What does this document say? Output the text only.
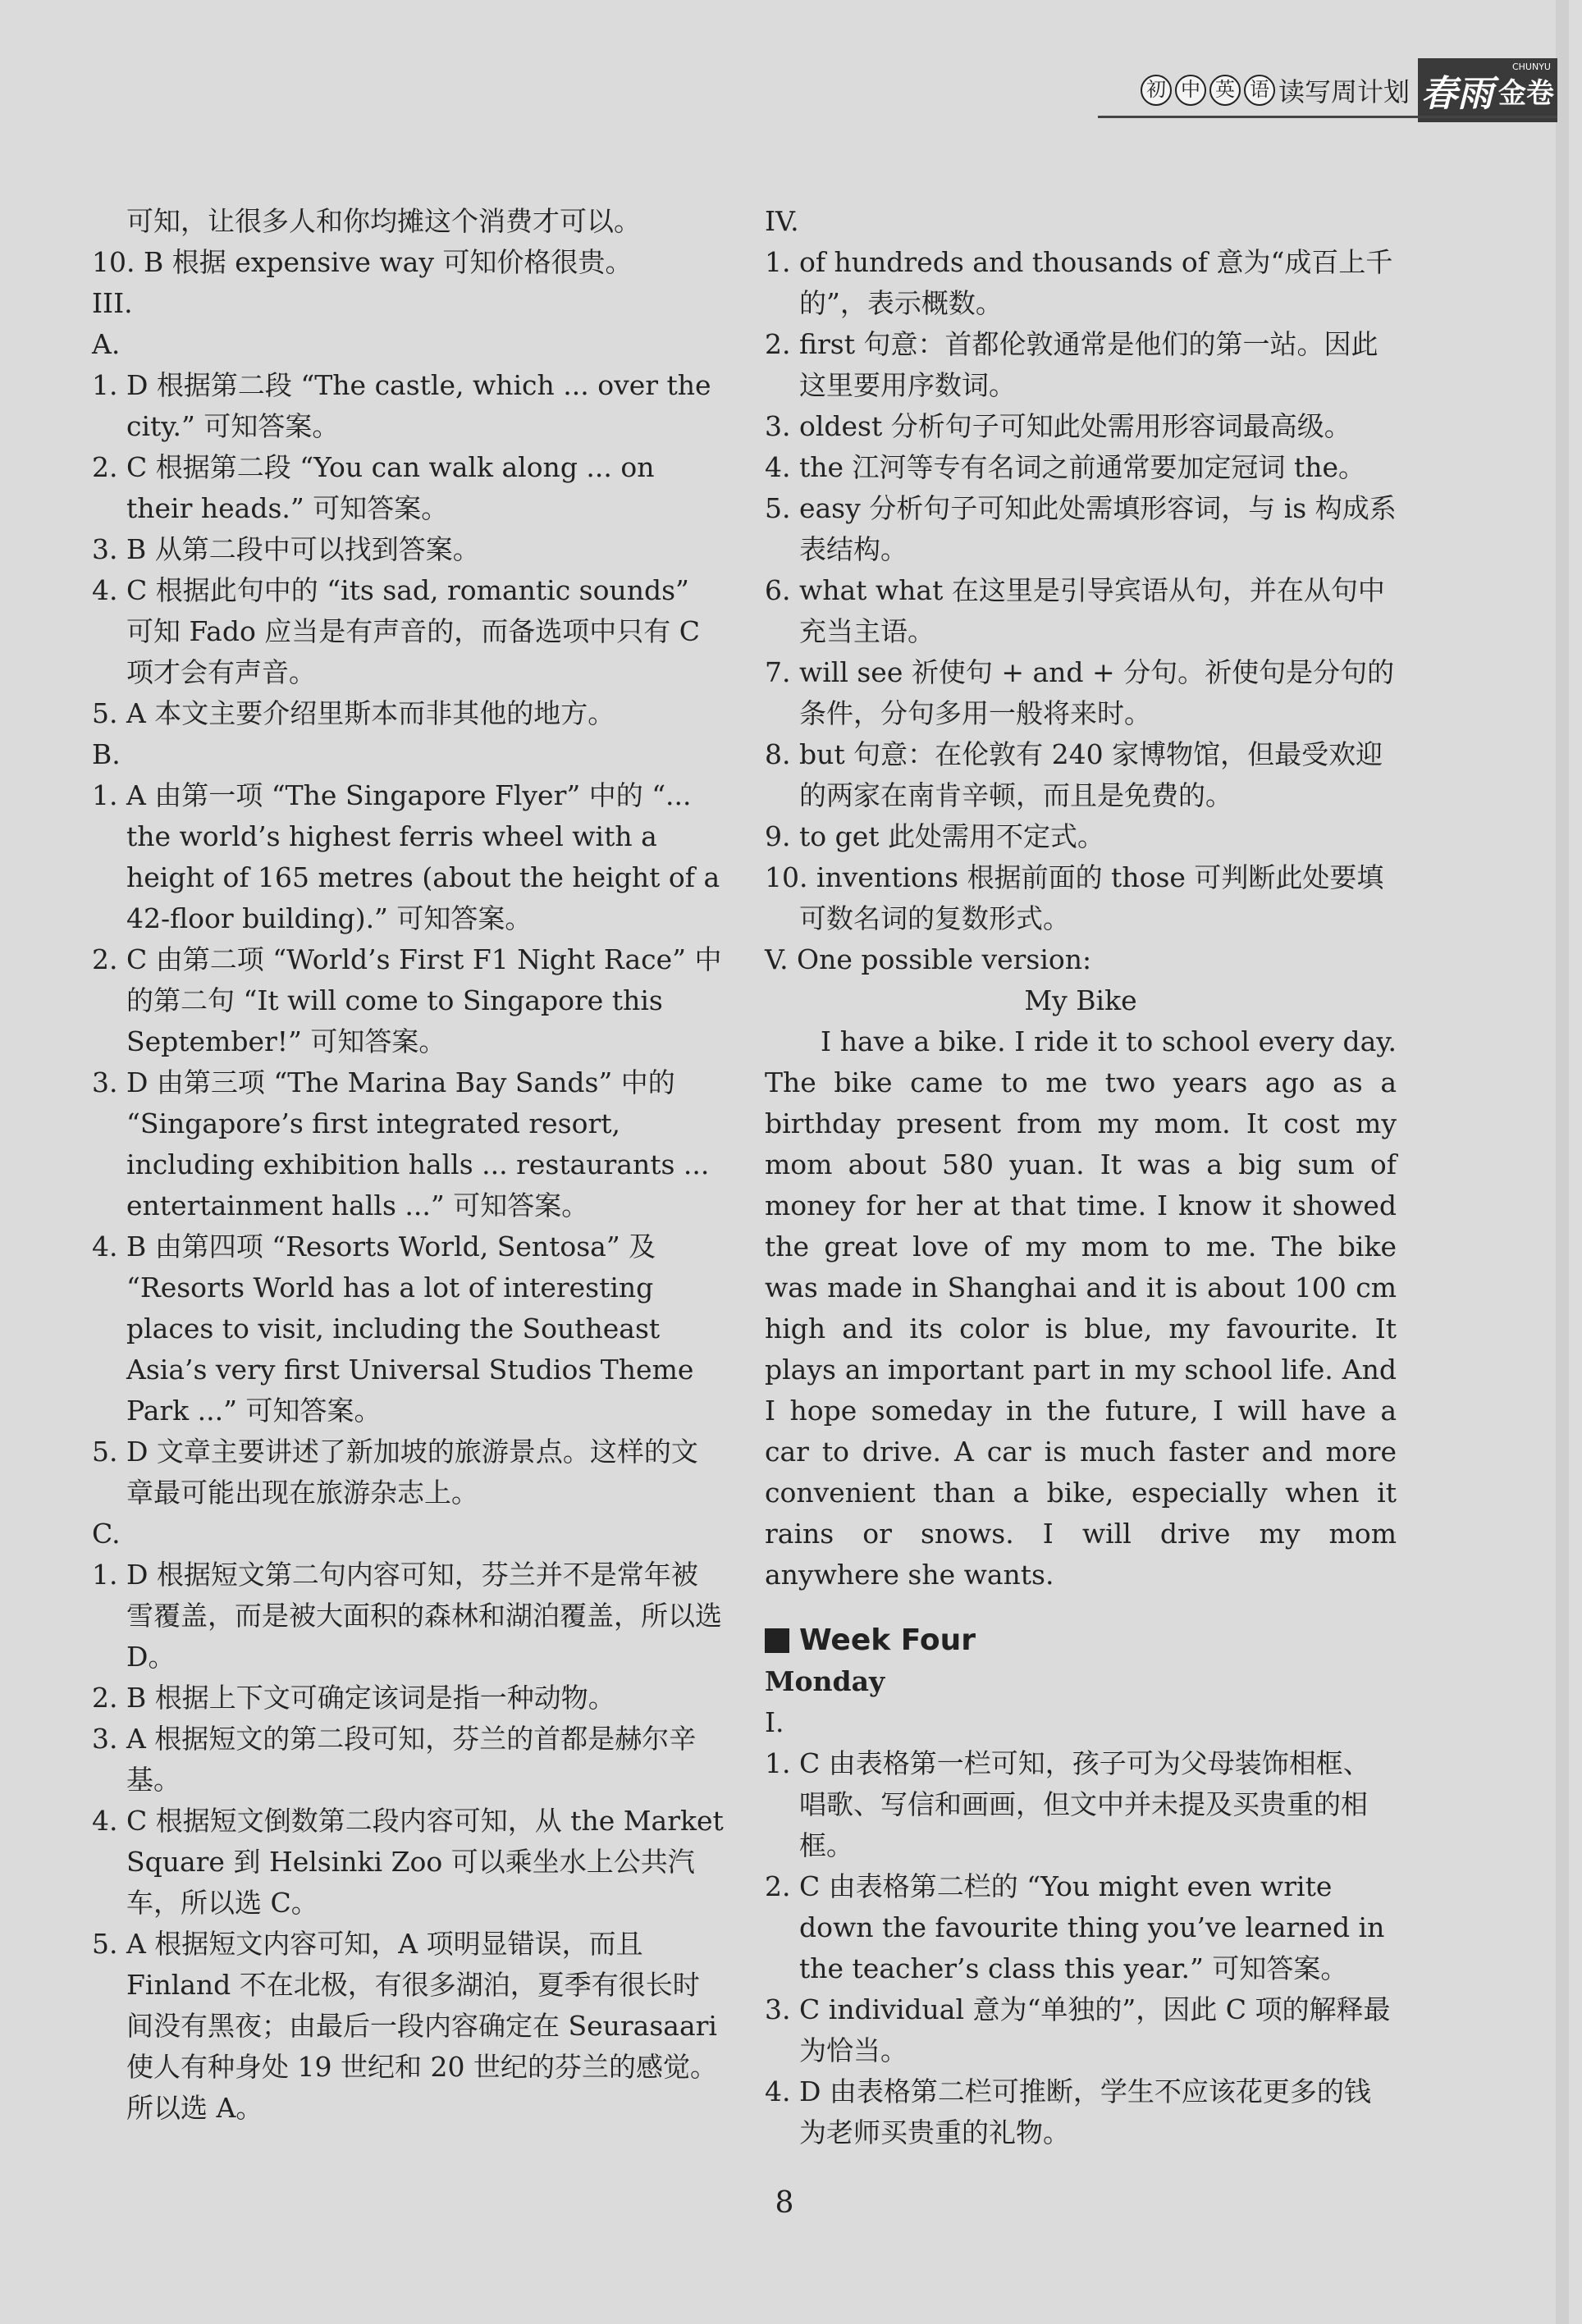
初 中 英 语 读写周计划
CHUNYU
春雨 金卷
可知，让很多人和你均摊这个消费才可以。
10. B 根据 expensive way 可知价格很贵。
III.
A.
1. D 根据第二段 “The castle, which ... over the city.” 可知答案。
2. C 根据第二段 “You can walk along ... on their heads.” 可知答案。
3. B 从第二段中可以找到答案。
4. C 根据此句中的 “its sad, romantic sounds” 可知 Fado 应当是有声音的，而备选项中只有 C 项才会有声音。
5. A 本文主要介绍里斯本而非其他的地方。
B.
1. A 由第一项 “The Singapore Flyer” 中的 “... the world’s highest ferris wheel with a height of 165 metres (about the height of a 42-floor building).” 可知答案。
2. C 由第二项 “World’s First F1 Night Race” 中的第二句 “It will come to Singapore this September!” 可知答案。
3. D 由第三项 “The Marina Bay Sands” 中的 “Singapore’s first integrated resort, including exhibition halls ... restaurants ... entertainment halls ...” 可知答案。
4. B 由第四项 “Resorts World, Sentosa” 及 “Resorts World has a lot of interesting places to visit, including the Southeast Asia’s very first Universal Studios Theme Park ...” 可知答案。
5. D 文章主要讲述了新加坡的旅游景点。这样的文章最可能出现在旅游杂志上。
C.
1. D 根据短文第二句内容可知，芬兰并不是常年被雪覆盖，而是被大面积的森林和湖泊覆盖，所以选 D。
2. B 根据上下文可确定该词是指一种动物。
3. A 根据短文的第二段可知，芬兰的首都是赫尔辛基。
4. C 根据短文倒数第二段内容可知，从 the Market Square 到 Helsinki Zoo 可以乘坐水上公共汽车，所以选 C。
5. A 根据短文内容可知，A 项明显错误，而且 Finland 不在北极，有很多湖泊，夏季有很长时间没有黑夜；由最后一段内容确定在 Seurasaari 使人有种身处 19 世纪和 20 世纪的芬兰的感觉。所以选 A。
IV.
1. of hundreds and thousands of 意为“成百上千的”，表示概数。
2. first 句意：首都伦敦通常是他们的第一站。因此这里要用序数词。
3. oldest 分析句子可知此处需用形容词最高级。
4. the 江河等专有名词之前通常要加定冠词 the。
5. easy 分析句子可知此处需填形容词，与 is 构成系表结构。
6. what what 在这里是引导宾语从句，并在从句中充当主语。
7. will see 祈使句 + and + 分句。祈使句是分句的条件，分句多用一般将来时。
8. but 句意：在伦敦有 240 家博物馆，但最受欢迎的两家在南肯辛顿，而且是免费的。
9. to get 此处需用不定式。
10. inventions 根据前面的 those 可判断此处要填可数名词的复数形式。
V. One possible version:
My Bike

I have a bike. I ride it to school every day. The bike came to me two years ago as a birthday present from my mom. It cost my mom about 580 yuan. It was a big sum of money for her at that time. I know it showed the great love of my mom to me. The bike was made in Shanghai and it is about 100 cm high and its color is blue, my favourite. It plays an important part in my school life. And I hope someday in the future, I will have a car to drive. A car is much faster and more convenient than a bike, especially when it rains or snows. I will drive my mom anywhere she wants.

Week Four
Monday
I.
1. C 由表格第一栏可知，孩子可为父母装饰相框、唱歌、写信和画画，但文中并未提及买贵重的相框。
2. C 由表格第二栏的 “You might even write down the favourite thing you’ve learned in the teacher’s class this year.” 可知答案。
3. C individual 意为“单独的”，因此 C 项的解释最为恰当。
4. D 由表格第二栏可推断，学生不应该花更多的钱为老师买贵重的礼物。
8
